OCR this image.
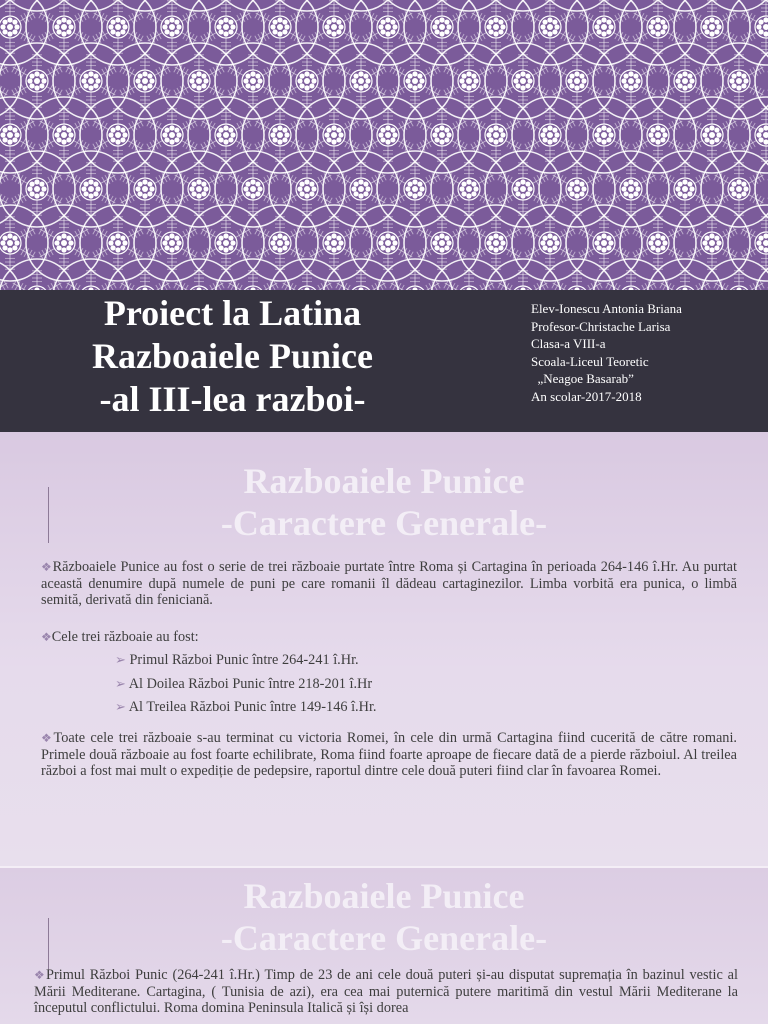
Proiect la Latina
Razboaiele Punice
-al III-lea razboi-
Elev-Ionescu Antonia Briana
Profesor-Christache Larisa
Clasa-a VIII-a
Scoala-Liceul Teoretic
„Neagoe Basarab”
An scolar-2017-2018
Razboaiele Punice
-Caractere Generale-

❖Războaiele Punice au fost o serie de trei războaie purtate între Roma și Cartagina în perioada 264-146 î.Hr. Au purtat această denumire după numele de puni pe care romanii îl dădeau cartaginezilor. Limba vorbită era punica, o limbă semită, derivată din feniciană.

❖Cele trei războaie au fost:

➢ Primul Război Punic între 264-241 î.Hr.
➢ Al Doilea Război Punic între 218-201 î.Hr
➢ Al Treilea Război Punic între 149-146 î.Hr.

❖Toate cele trei războaie s-au terminat cu victoria Romei, în cele din urmă Cartagina fiind cucerită de către romani. Primele două războaie au fost foarte echilibrate, Roma fiind foarte aproape de fiecare dată de a pierde războiul. Al treilea război a fost mai mult o expediție de pedepsire, raportul dintre cele două puteri fiind clar în favoarea Romei.

Razboaiele Punice
-Caractere Generale-

❖Primul Război Punic (264-241 î.Hr.) Timp de 23 de ani cele două puteri și-au disputat supremația în bazinul vestic al Mării Mediterane. Cartagina, ( Tunisia de azi), era cea mai puternică putere maritimă din vestul Mării Mediterane la începutul conflictului. Roma domina Peninsula Italică și își dorea
